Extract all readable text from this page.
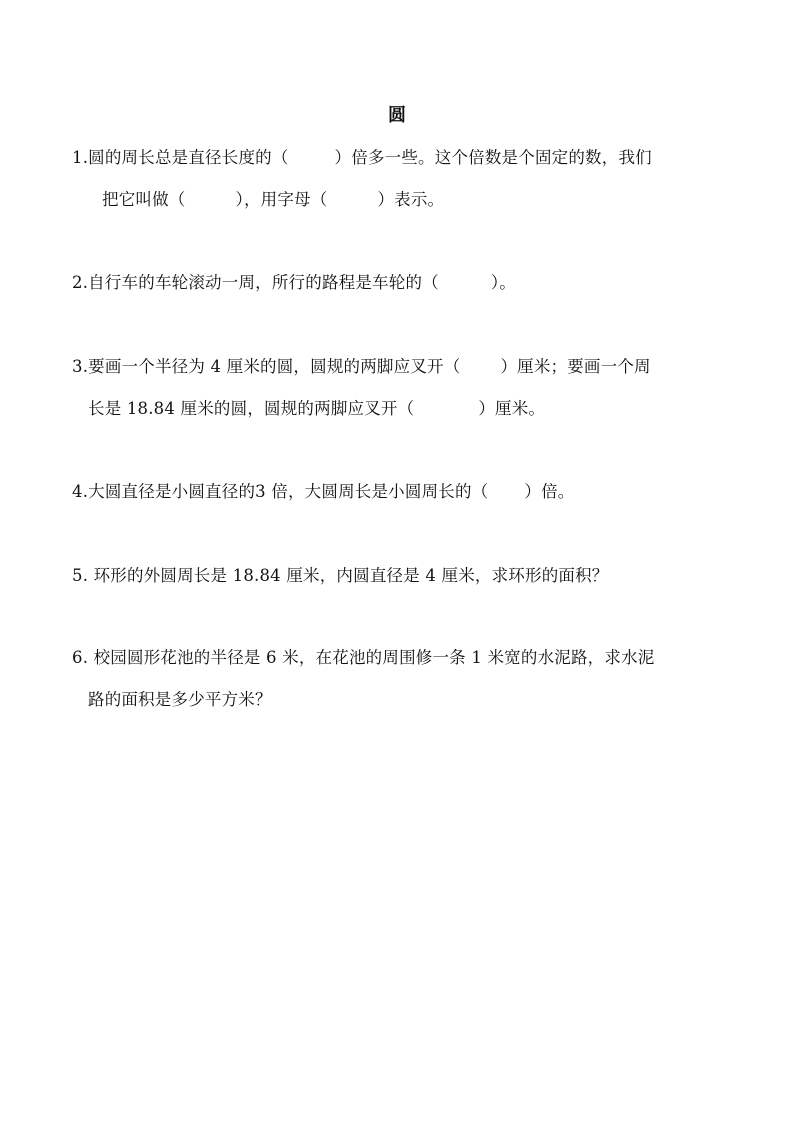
圆
1.圆的周长总是直径长度的（	）倍多一些。这个倍数是个固定的数，我们
把它叫做（	），用字母（	）表示。
2.自行车的车轮滚动一周，所行的路程是车轮的（	）。
3.要画一个半径为 4 厘米的圆，圆规的两脚应叉开（ ）厘米；要画一个周
长是 18.84 厘米的圆，圆规的两脚应叉开（	）厘米。
4.大圆直径是小圆直径的3 倍，大圆周长是小圆周长的（ ）倍。
5. 环形的外圆周长是 18.84 厘米，内圆直径是 4 厘米，求环形的面积？
6. 校园圆形花池的半径是 6 米，在花池的周围修一条 1 米宽的水泥路，求水泥
路的面积是多少平方米？
